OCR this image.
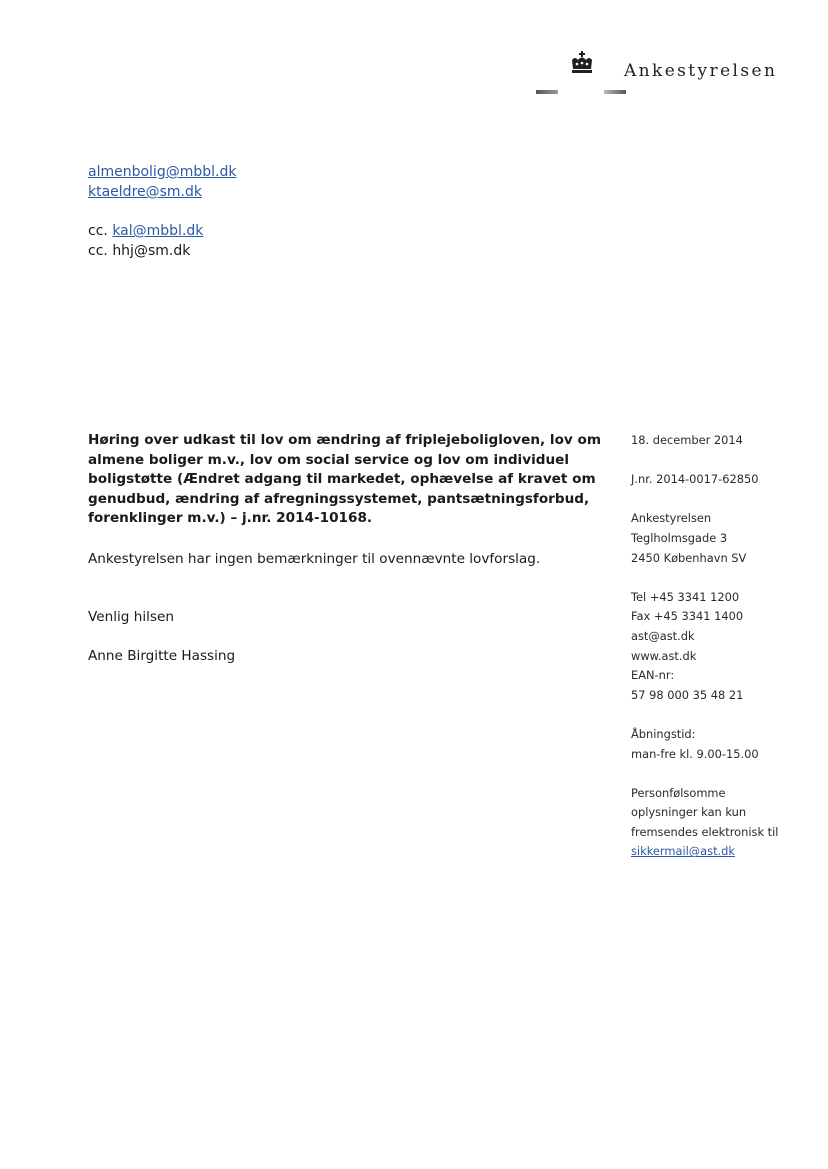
Ankestyrelsen
almenbolig@mbbl.dk
ktaeldre@sm.dk
cc. kal@mbbl.dk
cc. hhj@sm.dk
Høring over udkast til lov om ændring af friplejeboligloven, lov om
almene boliger m.v., lov om social service og lov om individuel
boligstøtte (Ændret adgang til markedet, ophævelse af kravet om
genudbud, ændring af afregningssystemet, pantsætningsforbud,
forenklinger m.v.) – j.nr. 2014-10168.
Ankestyrelsen har ingen bemærkninger til ovennævnte lovforslag.
Venlig hilsen
Anne Birgitte Hassing
18. december 2014
J.nr. 2014-0017-62850
Ankestyrelsen
Teglholmsgade 3
2450 København SV
Tel +45 3341 1200
Fax +45 3341 1400
ast@ast.dk
www.ast.dk
EAN-nr:
57 98 000 35 48 21
Åbningstid:
man-fre kl. 9.00-15.00
Personfølsomme
oplysninger kan kun
fremsendes elektronisk til
sikkermail@ast.dk
